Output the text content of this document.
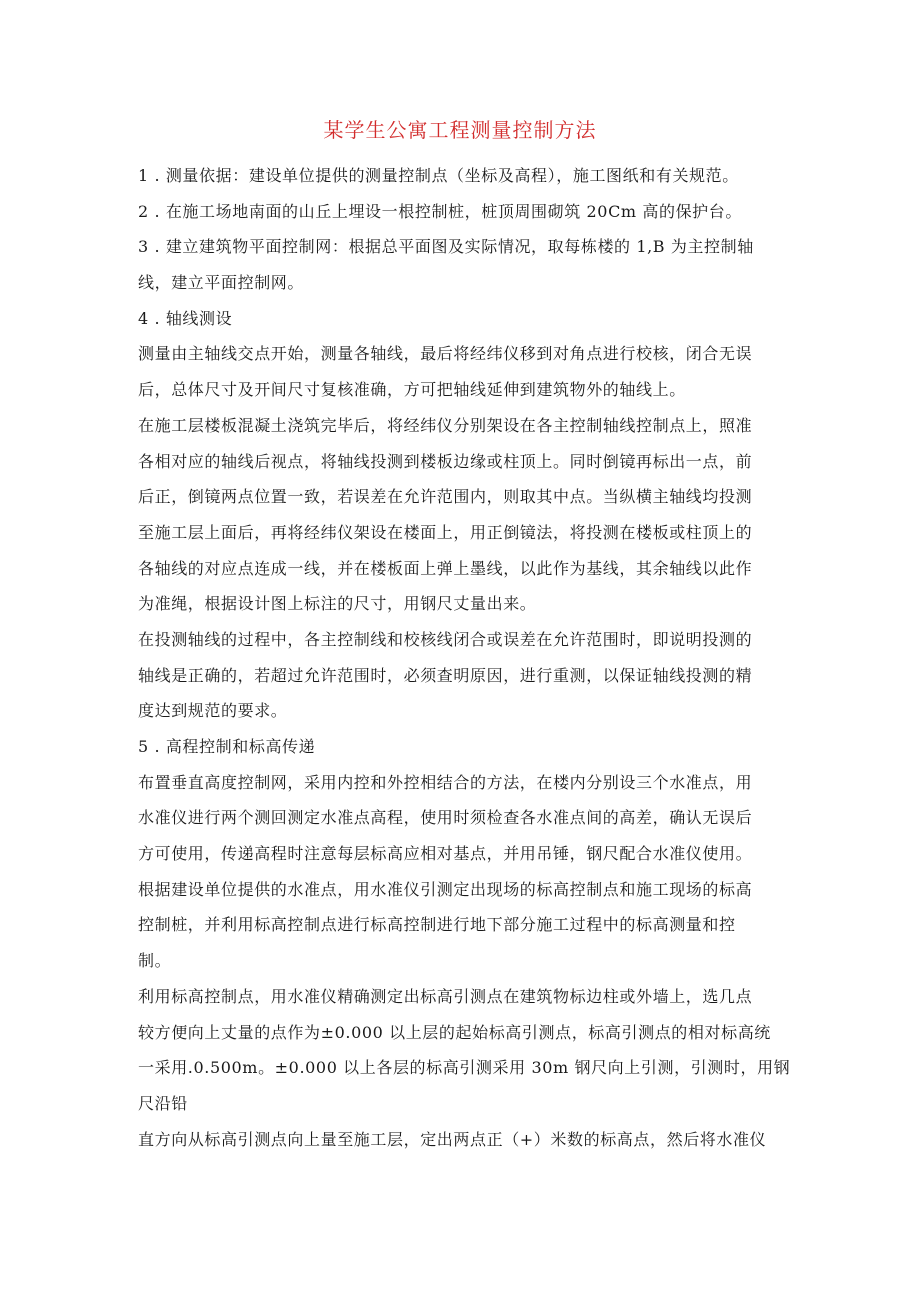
某学生公寓工程测量控制方法
1 . 测量依据：建设单位提供的测量控制点（坐标及高程），施工图纸和有关规范。
2 . 在施工场地南面的山丘上埋设一根控制桩，桩顶周围砌筑 20Cm 高的保护台。
3 . 建立建筑物平面控制网：根据总平面图及实际情况，取每栋楼的 1,B 为主控制轴
线，建立平面控制网。
4 . 轴线测设
测量由主轴线交点开始，测量各轴线，最后将经纬仪移到对角点进行校核，闭合无误
后，总体尺寸及开间尺寸复核准确，方可把轴线延伸到建筑物外的轴线上。
在施工层楼板混凝土浇筑完毕后，将经纬仪分别架设在各主控制轴线控制点上，照准
各相对应的轴线后视点，将轴线投测到楼板边缘或柱顶上。同时倒镜再标出一点，前
后正，倒镜两点位置一致，若误差在允许范围内，则取其中点。当纵横主轴线均投测
至施工层上面后，再将经纬仪架设在楼面上，用正倒镜法，将投测在楼板或柱顶上的
各轴线的对应点连成一线，并在楼板面上弹上墨线，以此作为基线，其余轴线以此作
为准绳，根据设计图上标注的尺寸，用钢尺丈量出来。
在投测轴线的过程中，各主控制线和校核线闭合或误差在允许范围时，即说明投测的
轴线是正确的，若超过允许范围时，必须查明原因，进行重测，以保证轴线投测的精
度达到规范的要求。
5 . 高程控制和标高传递
布置垂直高度控制网，采用内控和外控相结合的方法，在楼内分别设三个水准点，用
水准仪进行两个测回测定水准点高程，使用时须检查各水准点间的高差，确认无误后
方可使用，传递高程时注意每层标高应相对基点，并用吊锤，钢尺配合水准仪使用。
根据建设单位提供的水准点，用水准仪引测定出现场的标高控制点和施工现场的标高
控制桩，并利用标高控制点进行标高控制进行地下部分施工过程中的标高测量和控
制。
利用标高控制点，用水准仪精确测定出标高引测点在建筑物标边柱或外墙上，选几点
较方便向上丈量的点作为±0.000 以上层的起始标高引测点，标高引测点的相对标高统
一采用.0.500m。±0.000 以上各层的标高引测采用 30m 钢尺向上引测，引测时，用钢
尺沿铅
直方向从标高引测点向上量至施工层，定出两点正（+）米数的标高点，然后将水准仪
